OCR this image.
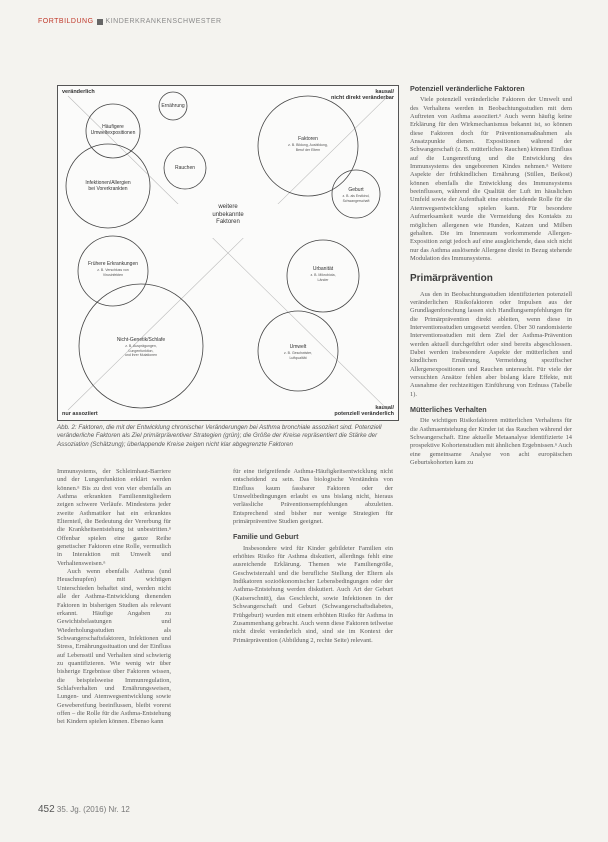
FORTBILDUNG KINDERKRANKENSCHWESTER
veränderlich	kausal/
nicht direkt veränderbar
nur assoziiert
kausal/
potenziell veränderlich
weitere
unbekannte
Faktoren
Ernährung
Häufigere
Umweltexpositionen
Rauchen
Infektionen/Allergien
bei Vorerkrankten
Faktoren
z. B. Bildung, Ausbildung,
Beruf der Eltern
Geburt
z. B. als Erstkind,
Schwangerschaft
Frühere Erkrankungen
z. B. Verschluss von
Virusinfekten
Urbanität
z. B. Mikrobiota,
Länder
Nicht-Genetik/Schlafe
z. B. Ausprägungen,
Lungenfunktion,
und ihrer Mutationen
Umwelt
z. B. Geschwister,
Luftqualität
Abb. 2: Faktoren, die mit der Entwicklung chronischer Veränderungen bei Asthma bronchiale assoziiert sind. Potenziell veränderliche Faktoren als Ziel primärpräventiver Strategien (grün); die Größe der Kreise repräsentiert die Stärke der Assoziation (Schätzung); überlappende Kreise zeigen nicht klar abgegrenzte Faktoren

Immunsystems, der Schleimhaut-Barriere und der Lungenfunktion erklärt werden können.ⁿ Bis zu drei von vier ebenfalls an Asthma erkrankten Familienmitgliedern zeigen schwere Verläufe. Mindestens jeder zweite Asthmatiker hat ein erkranktes Elternteil, die Bedeutung der Vererbung für die Krankheitsentstehung ist unbestritten.ⁿ Offenbar spielen eine ganze Reihe genetischer Faktoren eine Rolle, vermutlich in Interaktion mit Umwelt und Verhaltensweisen.ⁿ

Auch wenn ebenfalls Asthma (und Heuschnupfen) mit wichtigen Unterschieden behaftet sind, werden nicht alle der Asthma-Entwicklung dienenden Faktoren in bisherigen Studien als relevant erkannt. Häufige Angaben zu Gewichtsbelastungen und Wiederholungsstudien als Schwangerschaftsfaktoren, Infektionen und Stress, Ernährungssituation und der Einfluss auf Lebensstil und Verhalten sind schwierig zu quantifizieren. Wie wenig wir über bisherige Ergebnisse über Faktoren wissen, die beispielsweise Immunregulation, Schlafverhalten und Ernährungsweisen, Lungen- und Atemwegsentwicklung sowie Gewebereifung beeinflussen, bleibt vorerst offen – die Rolle für die Asthma-Entstehung bei Kindern spielen können. Ebenso kann

für eine tiefgreifende Asthma-Häufigkeitsentwicklung nicht entscheidend zu sein. Das biologische Verständnis von Einfluss kaum fassbarer Faktoren oder der Umweltbedingungen erlaubt es uns bislang nicht, hieraus verlässliche Präventionsempfehlungen abzuleiten. Entsprechend sind bisher nur wenige Strategien für primärpräventive Studien geeignet.

Familie und Geburt

Insbesondere wird für Kinder gebildeter Familien ein erhöhtes Risiko für Asthma diskutiert, allerdings fehlt eine ausreichende Erklärung. Themen wie Familiengröße, Geschwisterzahl und die berufliche Stellung der Eltern als Indikatoren sozioökonomischer Lebensbedingungen oder der Asthma-Entstehung werden diskutiert. Auch Art der Geburt (Kaiserschnitt), das Geschlecht, sowie Infektionen in der Schwangerschaft und Geburt (Schwangerschaftsdiabetes, Frühgeburt) wurden mit einem erhöhten Risiko für Asthma in Zusammenhang gebracht. Auch wenn diese Faktoren teilweise nicht direkt veränderlich sind, sind sie im Kontext der Primärprävention (Abbildung 2, rechte Seite) relevant.

Potenziell veränderliche Faktoren

Viele potenziell veränderliche Faktoren der Umwelt und des Verhaltens werden in Beobachtungsstudien mit dem Auftreten von Asthma assoziiert.ⁿ Auch wenn häufig keine Erklärung für den Wirkmechanismus bekannt ist, so können diese Faktoren doch für Präventionsmaßnahmen als Ansatzpunkte dienen. Expositionen während der Schwangerschaft (z. B. mütterliches Rauchen) können Einfluss auf die Lungenreifung und die Entwicklung des Immunsystems des ungeborenen Kindes nehmen.ⁿ Weitere Aspekte der frühkindlichen Ernährung (Stillen, Beikost) können ebenfalls die Entwicklung des Immunsystems beeinflussen, während die Qualität der Luft im häuslichen Umfeld sowie der Aufenthalt eine entscheidende Rolle für die Atemwegsentwicklung spielen kann. Für besondere Aufmerksamkeit wurde die Vermeidung des Kontakts zu möglichen allergenen wie Hunden, Katzen und Milben gehalten. Die im Innenraum vorkommende Allergen-Exposition zeigt jedoch auf eine ausgleichende, dass sich nicht nur das Asthma auslösende Allergene direkt in Bezug stehende Modulation des Immunsystems.

Primärprävention

Aus den in Beobachtungsstudien identifizierten potenziell veränderlichen Risikofaktoren oder Impulsen aus der Grundlagenforschung lassen sich Handlungsempfehlungen für die Primärprävention direkt ableiten, wenn diese in Interventionsstudien umgesetzt werden. Über 30 randomisierte Interventionsstudien mit dem Ziel der Asthma-Prävention werden aktuell durchgeführt oder sind bereits abgeschlossen. Dabei werden insbesondere Aspekte der mütterlichen und kindlichen Ernährung, Vermeidung spezifischer Allergenexpositionen und Rauchen untersucht. Für viele der versuchten Ansätze fehlen aber bislang klare Effekte, mit Ausnahme der rechtzeitigen Einführung von Erdnuss (Tabelle 1).

Mütterliches Verhalten

Die wichtigen Risikofaktoren mütterlichen Verhaltens für die Asthmaentstehung der Kinder ist das Rauchen während der Schwangerschaft. Eine aktuelle Metaanalyse identifizierte 14 prospektive Kohortenstudien mit ähnlichen Ergebnissen.ⁿ Auch eine gemeinsame Analyse von acht europäischen Geburtskohorten kam zu

452 35. Jg. (2016) Nr. 12
